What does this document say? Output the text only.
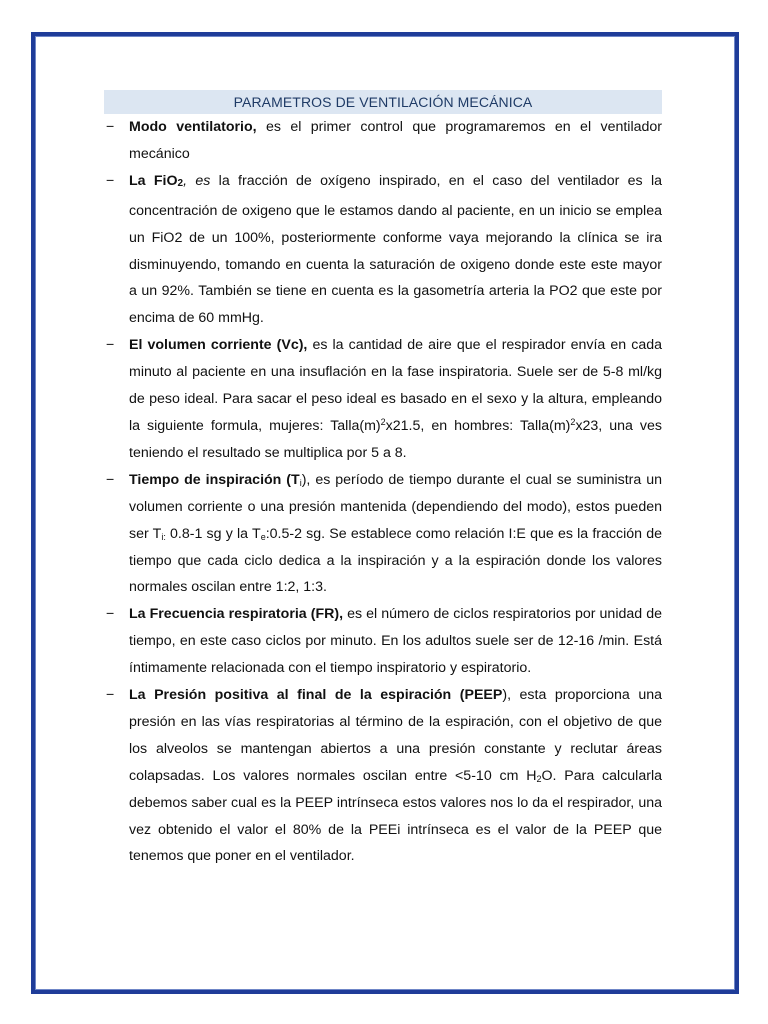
PARAMETROS DE VENTILACIÓN MECÁNICA
− Modo ventilatorio, es el primer control que programaremos en el ventilador mecánico
− La FiO2, es la fracción de oxígeno inspirado, en el caso del ventilador es la concentración de oxigeno que le estamos dando al paciente, en un inicio se emplea un FiO2 de un 100%, posteriormente conforme vaya mejorando la clínica se ira disminuyendo, tomando en cuenta la saturación de oxigeno donde este este mayor a un 92%. También se tiene en cuenta es la gasometría arteria la PO2 que este por encima de 60 mmHg.
− El volumen corriente (Vc), es la cantidad de aire que el respirador envía en cada minuto al paciente en una insuflación en la fase inspiratoria. Suele ser de 5-8 ml/kg de peso ideal. Para sacar el peso ideal es basado en el sexo y la altura, empleando la siguiente formula, mujeres: $Talla(m)^2x21.5$, en hombres: $Talla(m)^2x23$, una ves teniendo el resultado se multiplica por 5 a 8.
− Tiempo de inspiración $(T_i)$, es período de tiempo durante el cual se suministra un volumen corriente o una presión mantenida (dependiendo del modo), estos pueden ser $T_{i:}$ 0.8-1 sg y la $T_e:0.5-2$ sg. Se establece como relación I:E que es la fracción de tiempo que cada ciclo dedica a la inspiración y a la espiración donde los valores normales oscilan entre 1:2, 1:3.
− La Frecuencia respiratoria (FR), es el número de ciclos respiratorios por unidad de tiempo, en este caso ciclos por minuto. En los adultos suele ser de 12-16 /min. Está íntimamente relacionada con el tiempo inspiratorio y espiratorio.
− La Presión positiva al final de la espiración (PEEP), esta proporciona una presión en las vías respiratorias al término de la espiración, con el objetivo de que los alveolos se mantengan abiertos a una presión constante y reclutar áreas colapsadas. Los valores normales oscilan entre <5-10 cm $H_2O$. Para calcularla debemos saber cual es la PEEP intrínseca estos valores nos lo da el respirador, una vez obtenido el valor el 80% de la PEEi intrínseca es el valor de la PEEP que tenemos que poner en el ventilador.
